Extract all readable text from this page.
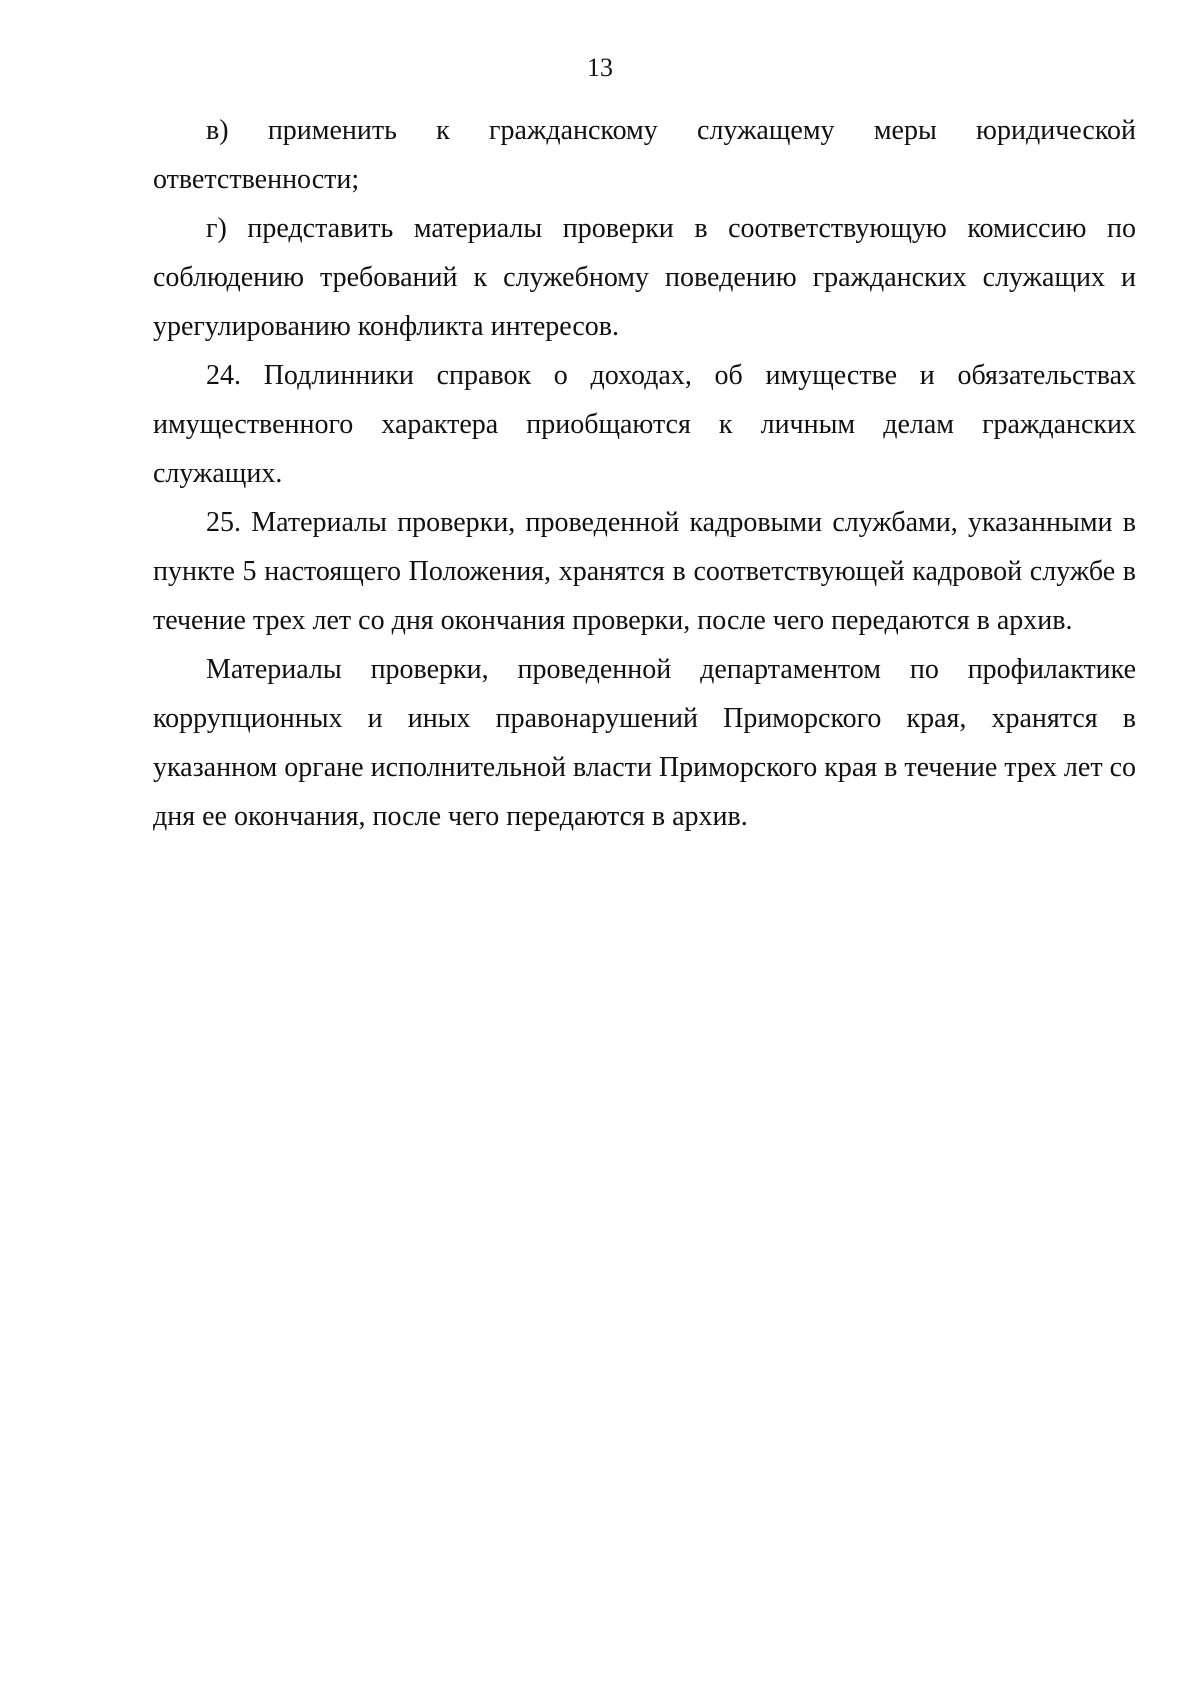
13

в) применить к гражданскому служащему меры юридической ответственности;

г) представить материалы проверки в соответствующую комиссию по соблюдению требований к служебному поведению гражданских служащих и урегулированию конфликта интересов.

24. Подлинники справок о доходах, об имуществе и обязательствах имущественного характера приобщаются к личным делам гражданских служащих.

25. Материалы проверки, проведенной кадровыми службами, указанными в пункте 5 настоящего Положения, хранятся в соответствующей кадровой службе в течение трех лет со дня окончания проверки, после чего передаются в архив.

Материалы проверки, проведенной департаментом по профилактике коррупционных и иных правонарушений Приморского края, хранятся в указанном органе исполнительной власти Приморского края в течение трех лет со дня ее окончания, после чего передаются в архив.
